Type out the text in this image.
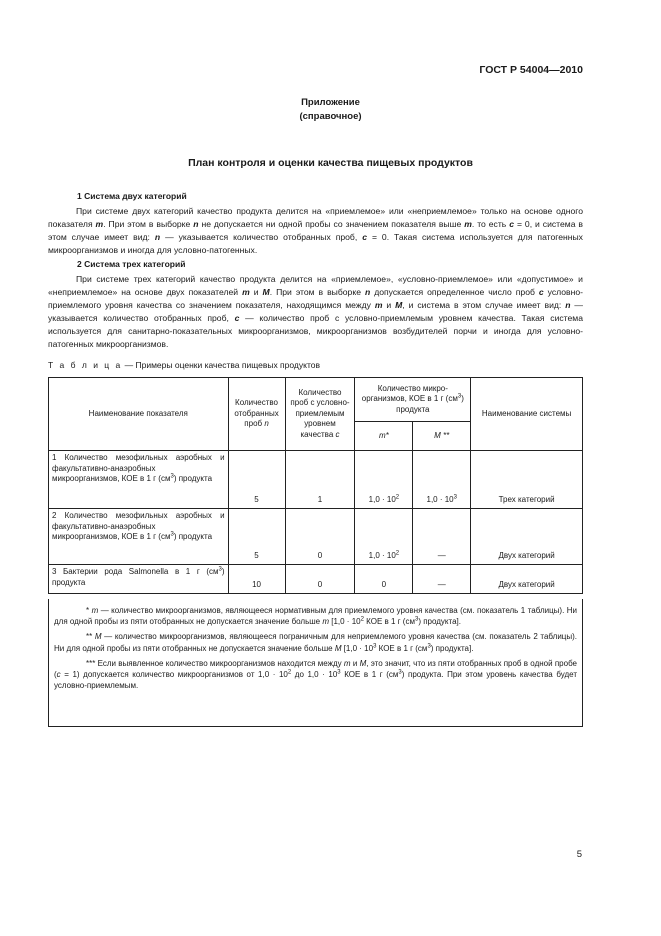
ГОСТ Р 54004—2010
Приложение
(справочное)
План контроля и оценки качества пищевых продуктов
1 Система двух категорий

При системе двух категорий качество продукта делится на «приемлемое» или «неприемлемое» только на основе одного показателя m. При этом в выборке n не допускается ни одной пробы со значением показателя выше m. то есть c = 0, и система в этом случае имеет вид: n — указывается количество отобранных проб, c = 0. Такая система используется для патогенных микроорганизмов и иногда для условно-патогенных.

2 Система трех категорий

При системе трех категорий качество продукта делится на «приемлемое», «условно-приемлемое» или «допустимое» и «неприемлемое» на основе двух показателей m и M. При этом в выборке n допускается определенное число проб c условно-приемлемого уровня качества со значением показателя, находящимся между m и M, и система в этом случае имеет вид: n — указывается количество отобранных проб, c — количество проб с условно-приемлемым уровнем качества. Такая система используется для санитарно-показательных микроорганизмов, микроорганизмов возбудителей порчи и иногда для условно-патогенных микроорганизмов.

Т а б л и ц а — Примеры оценки качества пищевых продуктов
Наименование показателя	Количество отобранных проб n	Количество проб с условно-приемлемым уровнем качества c	Количество микро-организмов, КОЕ в 1 г $(см^3)$ продукта		Наименование системы
			m*	M **	
1 Количество мезофильных аэробных и факультативно-анаэробных микроорганизмов, КОЕ в 1 г $(см^3)$ продукта	5	1	$1,0 \cdot 10^2$	$1,0 \cdot 10^3$	Трех категорий
2 Количество мезофильных аэробных и факультативно-анаэробных микроорганизмов, КОЕ в 1 г $(см^3)$ продукта	5	0	$1,0 \cdot 10^2$	—	Двух категорий
3 Бактерии рода Salmonella в 1 г $(см^3)$ продукта	10	0	0	—	Двух категорий

* m — количество микроорганизмов, являющееся нормативным для приемлемого уровня качества (см. показатель 1 таблицы). Ни для одной пробы из пяти отобранных не допускается значение больше m [$1,0 \cdot 10^2$ КОЕ в 1 г $(см^3)$ продукта].

** M — количество микроорганизмов, являющееся пограничным для неприемлемого уровня качества (см. показатель 2 таблицы). Ни для одной пробы из пяти отобранных не допускается значение больше M [$1,0 \cdot 10^3$ КОЕ в 1 г $(см^3)$ продукта].

*** Если выявленное количество микроорганизмов находится между m и M, это значит, что из пяти отобранных проб в одной пробе (c = 1) допускается количество микроорганизмов от $1,0 \cdot 10^2$ до $1,0 \cdot 10^3$ КОЕ в 1 г $(см^3)$ продукта. При этом уровень качества будет условно-приемлемым.

5
